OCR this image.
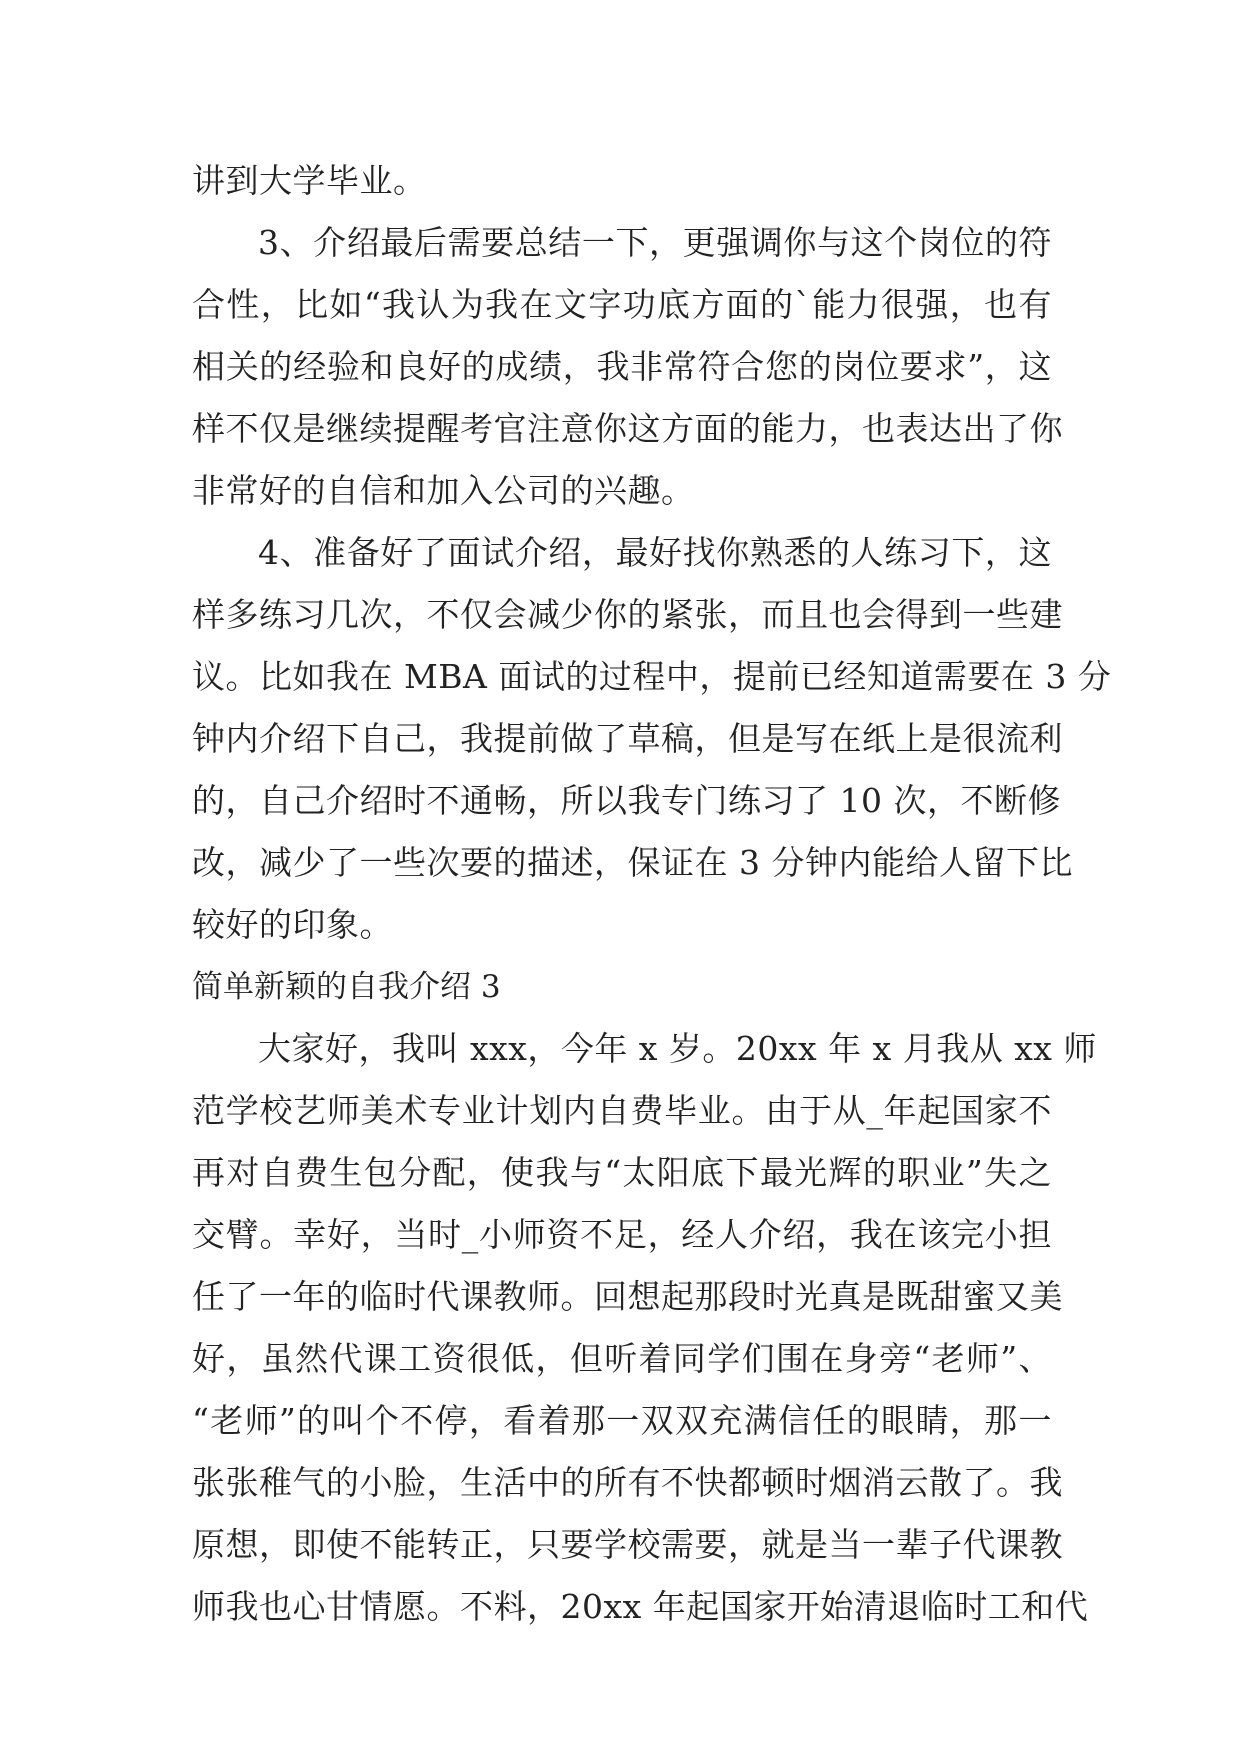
讲到大学毕业。
3、介绍最后需要总结一下，更强调你与这个岗位的符
合性，比如“我认为我在文字功底方面的`能力很强，也有
相关的经验和良好的成绩，我非常符合您的岗位要求”，这
样不仅是继续提醒考官注意你这方面的能力，也表达出了你
非常好的自信和加入公司的兴趣。
4、准备好了面试介绍，最好找你熟悉的人练习下，这
样多练习几次，不仅会减少你的紧张，而且也会得到一些建
议。比如我在 MBA 面试的过程中，提前已经知道需要在 3 分
钟内介绍下自己，我提前做了草稿，但是写在纸上是很流利
的，自己介绍时不通畅，所以我专门练习了 10 次，不断修
改，减少了一些次要的描述，保证在 3 分钟内能给人留下比
较好的印象。
简单新颖的自我介绍 3
大家好，我叫 xxx，今年 x 岁。20xx 年 x 月我从 xx 师
范学校艺师美术专业计划内自费毕业。由于从_年起国家不
再对自费生包分配，使我与“太阳底下最光辉的职业”失之
交臂。幸好，当时_小师资不足，经人介绍，我在该完小担
任了一年的临时代课教师。回想起那段时光真是既甜蜜又美
好，虽然代课工资很低，但听着同学们围在身旁“老师”、
“老师”的叫个不停，看着那一双双充满信任的眼睛，那一
张张稚气的小脸，生活中的所有不快都顿时烟消云散了。我
原想，即使不能转正，只要学校需要，就是当一辈子代课教
师我也心甘情愿。不料，20xx 年起国家开始清退临时工和代
